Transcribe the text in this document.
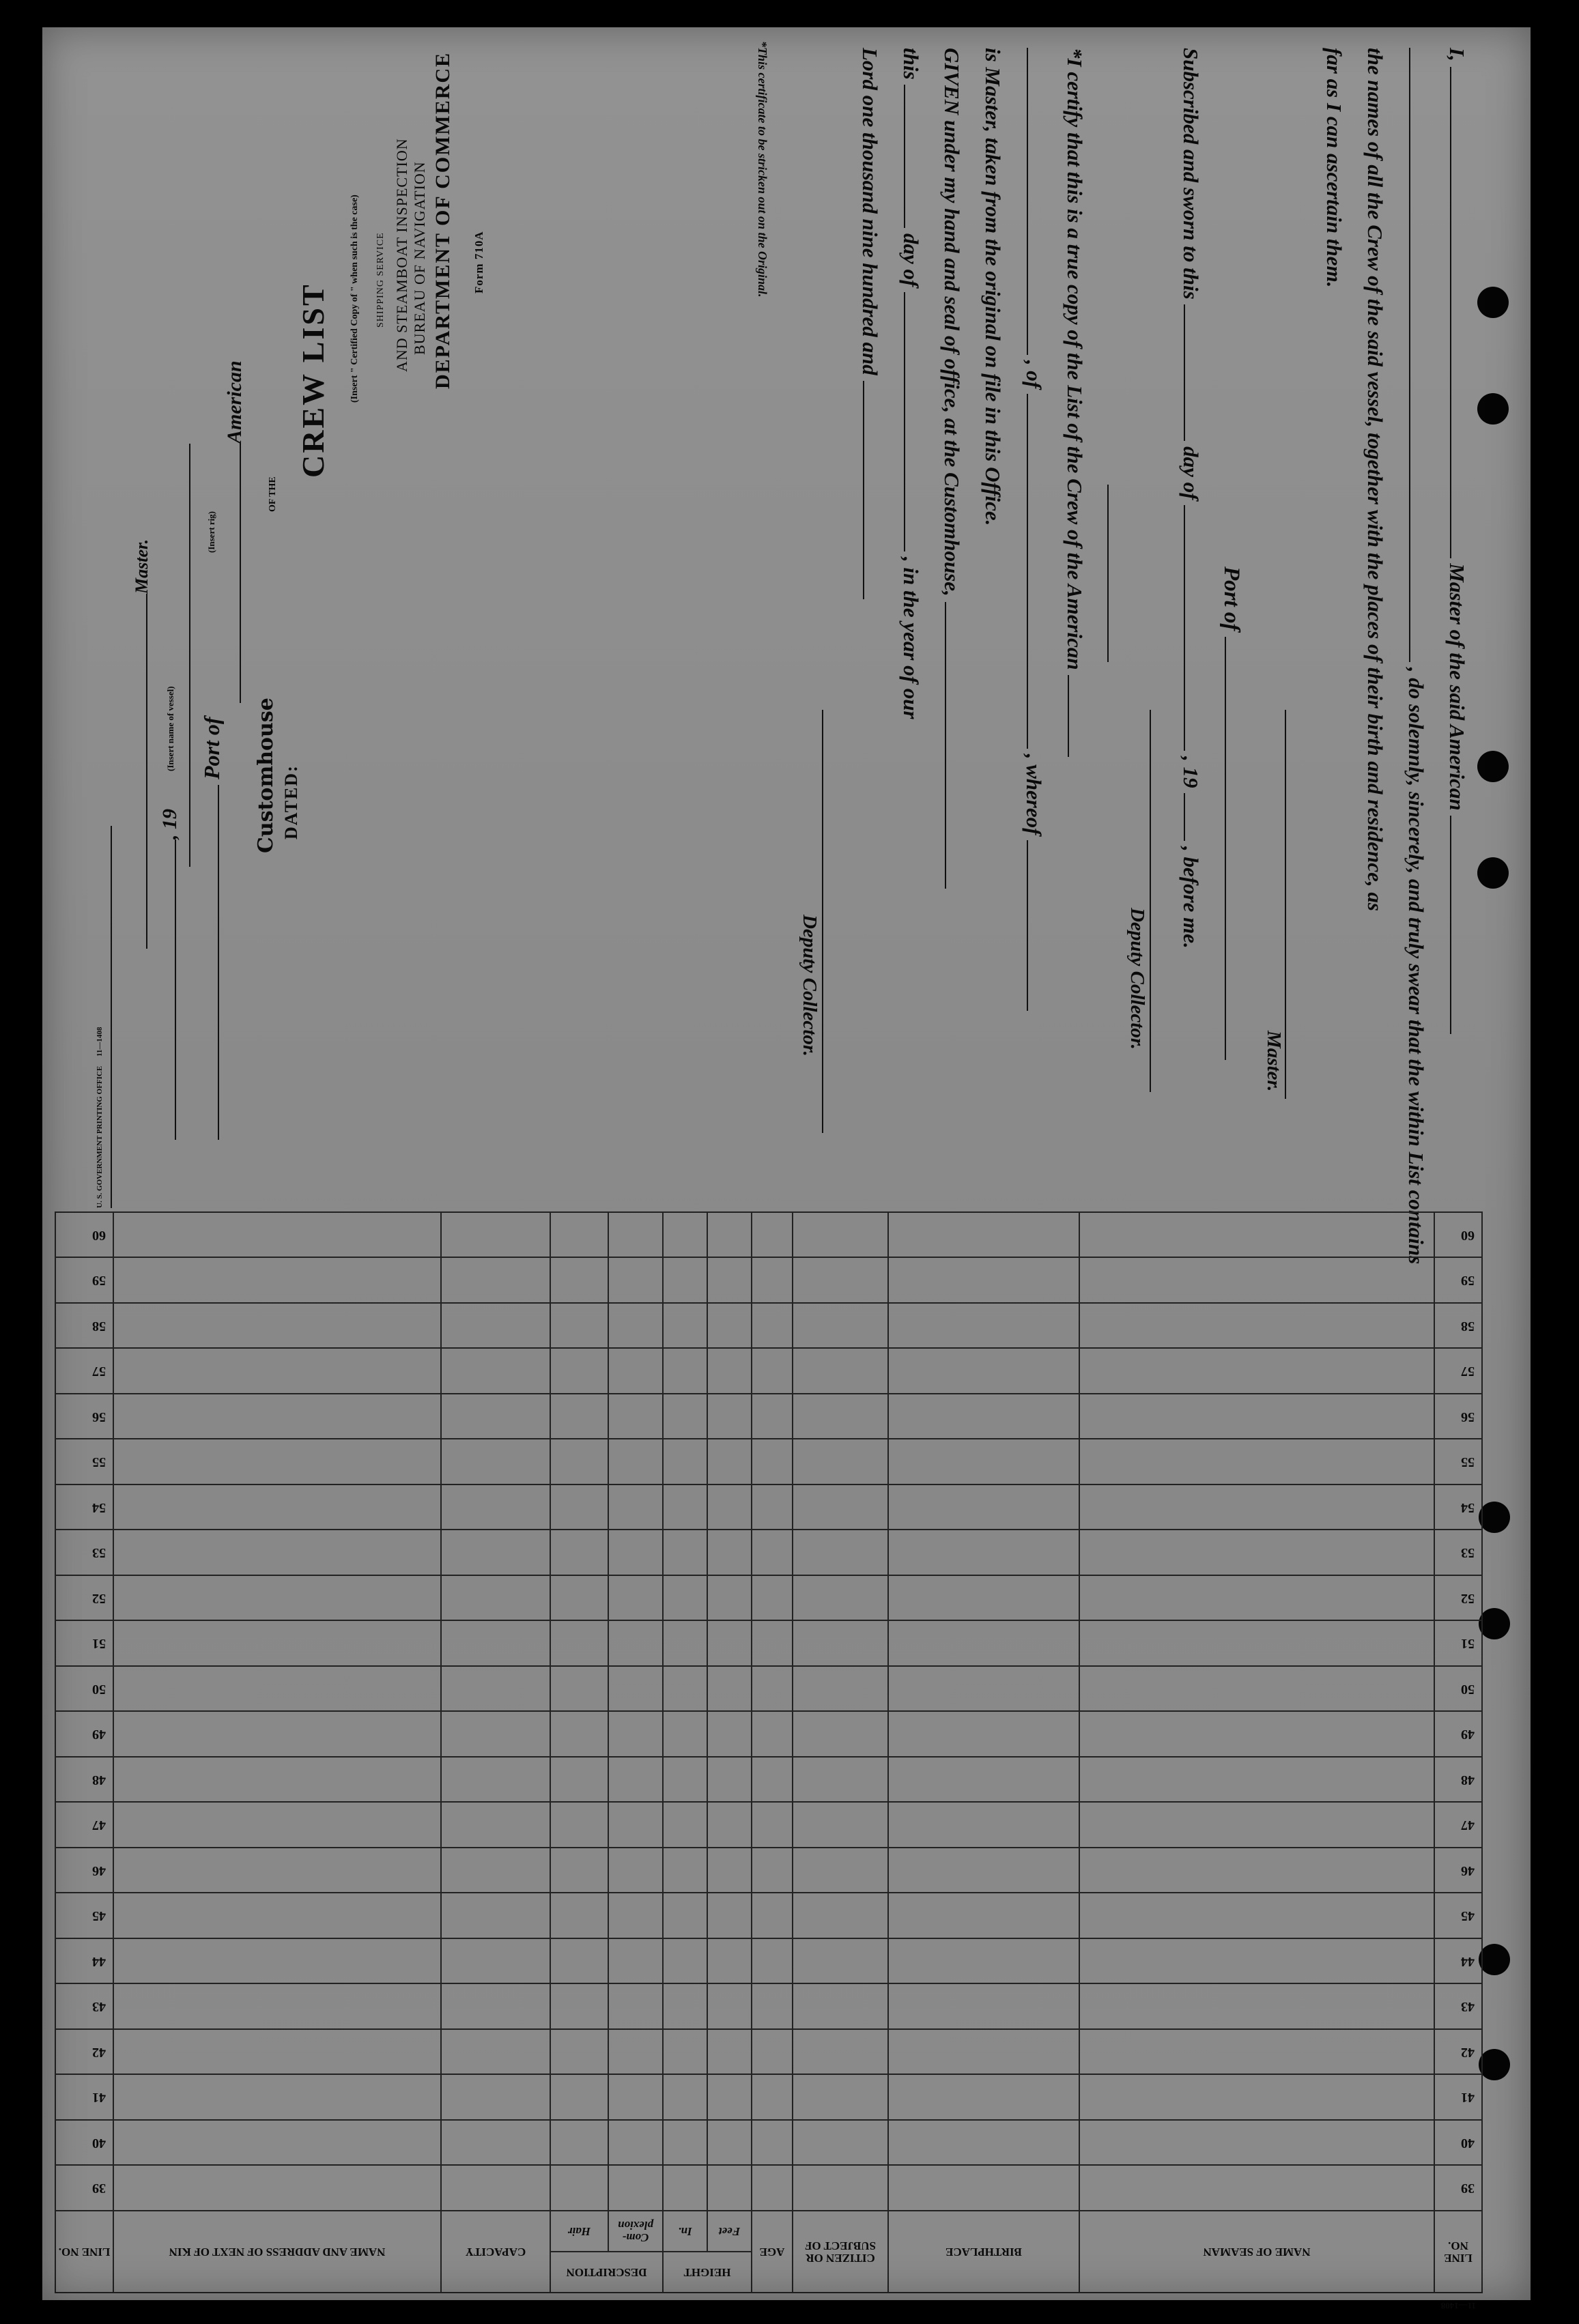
I,  Master of the said American
, do solemnly, sincerely, and truly swear that the within List contains
the names of all the Crew of the said vessel, together with the places of their birth and residence, as
far as I can ascertain them.
Master.
Port of
Subscribed and sworn to this  day of  , 19  , before me.
Deputy Collector.
*I certify that this is a true copy of the List of the Crew of the American
, of  , whereof
is Master, taken from the original on file in this Office.
GIVEN under my hand and seal of office, at the Customhouse,
this  day of  , in the year of our
Lord one thousand nine hundred and
Deputy Collector.
*This certificate to be stricken out on the Original.
Form 710A
DEPARTMENT OF COMMERCE
BUREAU OF NAVIGATION
AND STEAMBOAT INSPECTION
SHIPPING SERVICE
(Insert " Certified Copy of " when such is the case)
CREW LIST
OF THE
American
(Insert rig)
(Insert name of vessel)
Master.
DATED:
Customhouse
Port of
, 19
U. S. GOVERNMENT PRINTING OFFICE     11—1408
11—1408
LINE NO.	NAME OF SEAMAN	BIRTHPLACE	CITIZEN OR SUBJECT OF	AGE	HEIGHT		DESCRIPTION		CAPACITY	NAME AND ADDRESS OF NEXT OF KIN	LINE NO.
					Feet	In.	Com-plexion	Hair			
39											39
40											40
41											41
42											42
43											43
44											44
45											45
46											46
47											47
48											48
49											49
50											50
51											51
52											52
53											53
54											54
55											55
56											56
57											57
58											58
59											59
60											60
